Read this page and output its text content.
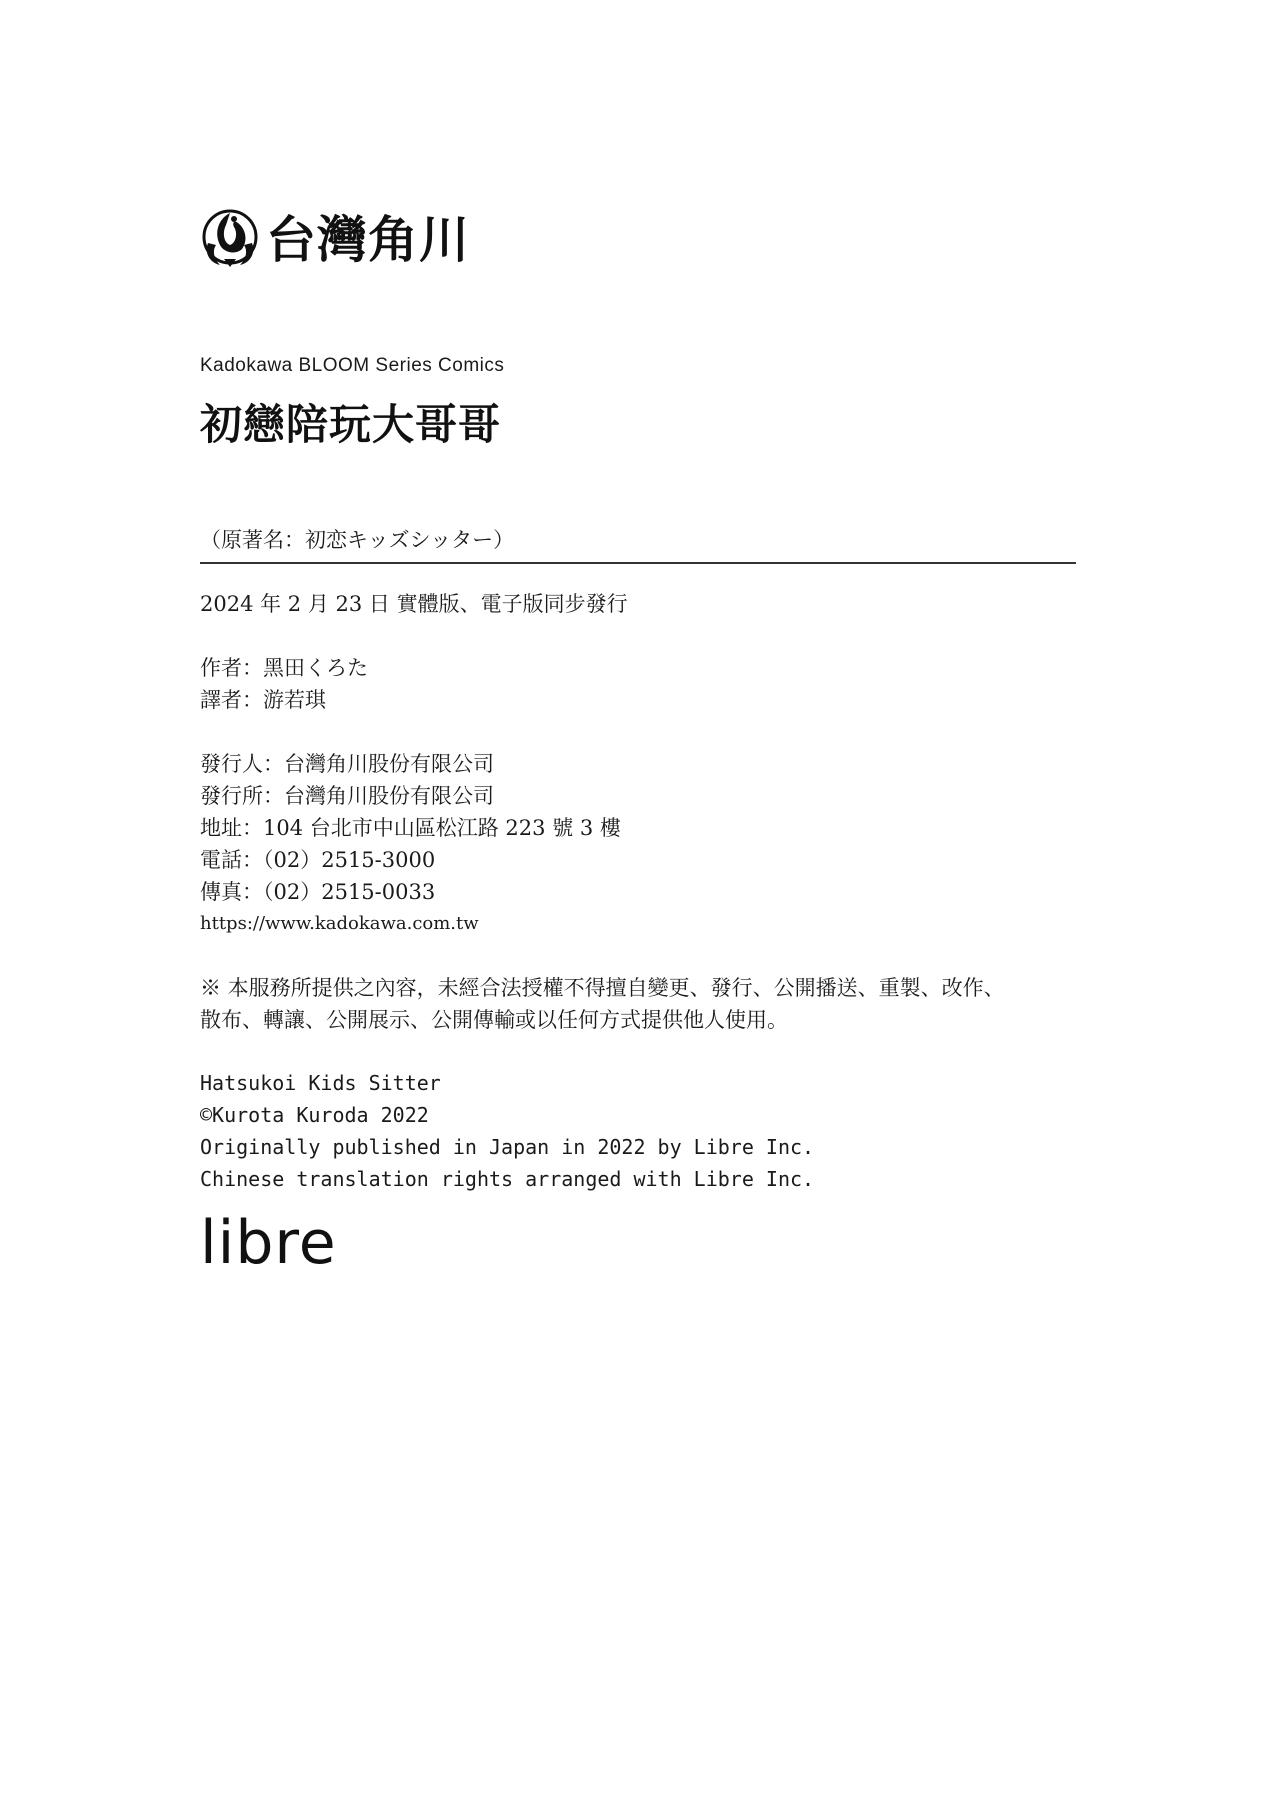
台灣角川
Kadokawa BLOOM Series Comics
初戀陪玩大哥哥
（原著名：初恋キッズシッター）
2024 年 2 月 23 日 實體版、電子版同步發行
作者：黑田くろた
譯者：游若琪
發行人：台灣角川股份有限公司
發行所：台灣角川股份有限公司
地址：104 台北市中山區松江路 223 號 3 樓
電話：（02）2515-3000
傳真：（02）2515-0033
https://www.kadokawa.com.tw
※ 本服務所提供之內容，未經合法授權不得擅自變更、發行、公開播送、重製、改作、
散布、轉讓、公開展示、公開傳輸或以任何方式提供他人使用。
Hatsukoi Kids Sitter
©Kurota Kuroda 2022
Originally published in Japan in 2022 by Libre Inc.
Chinese translation rights arranged with Libre Inc.
libre
